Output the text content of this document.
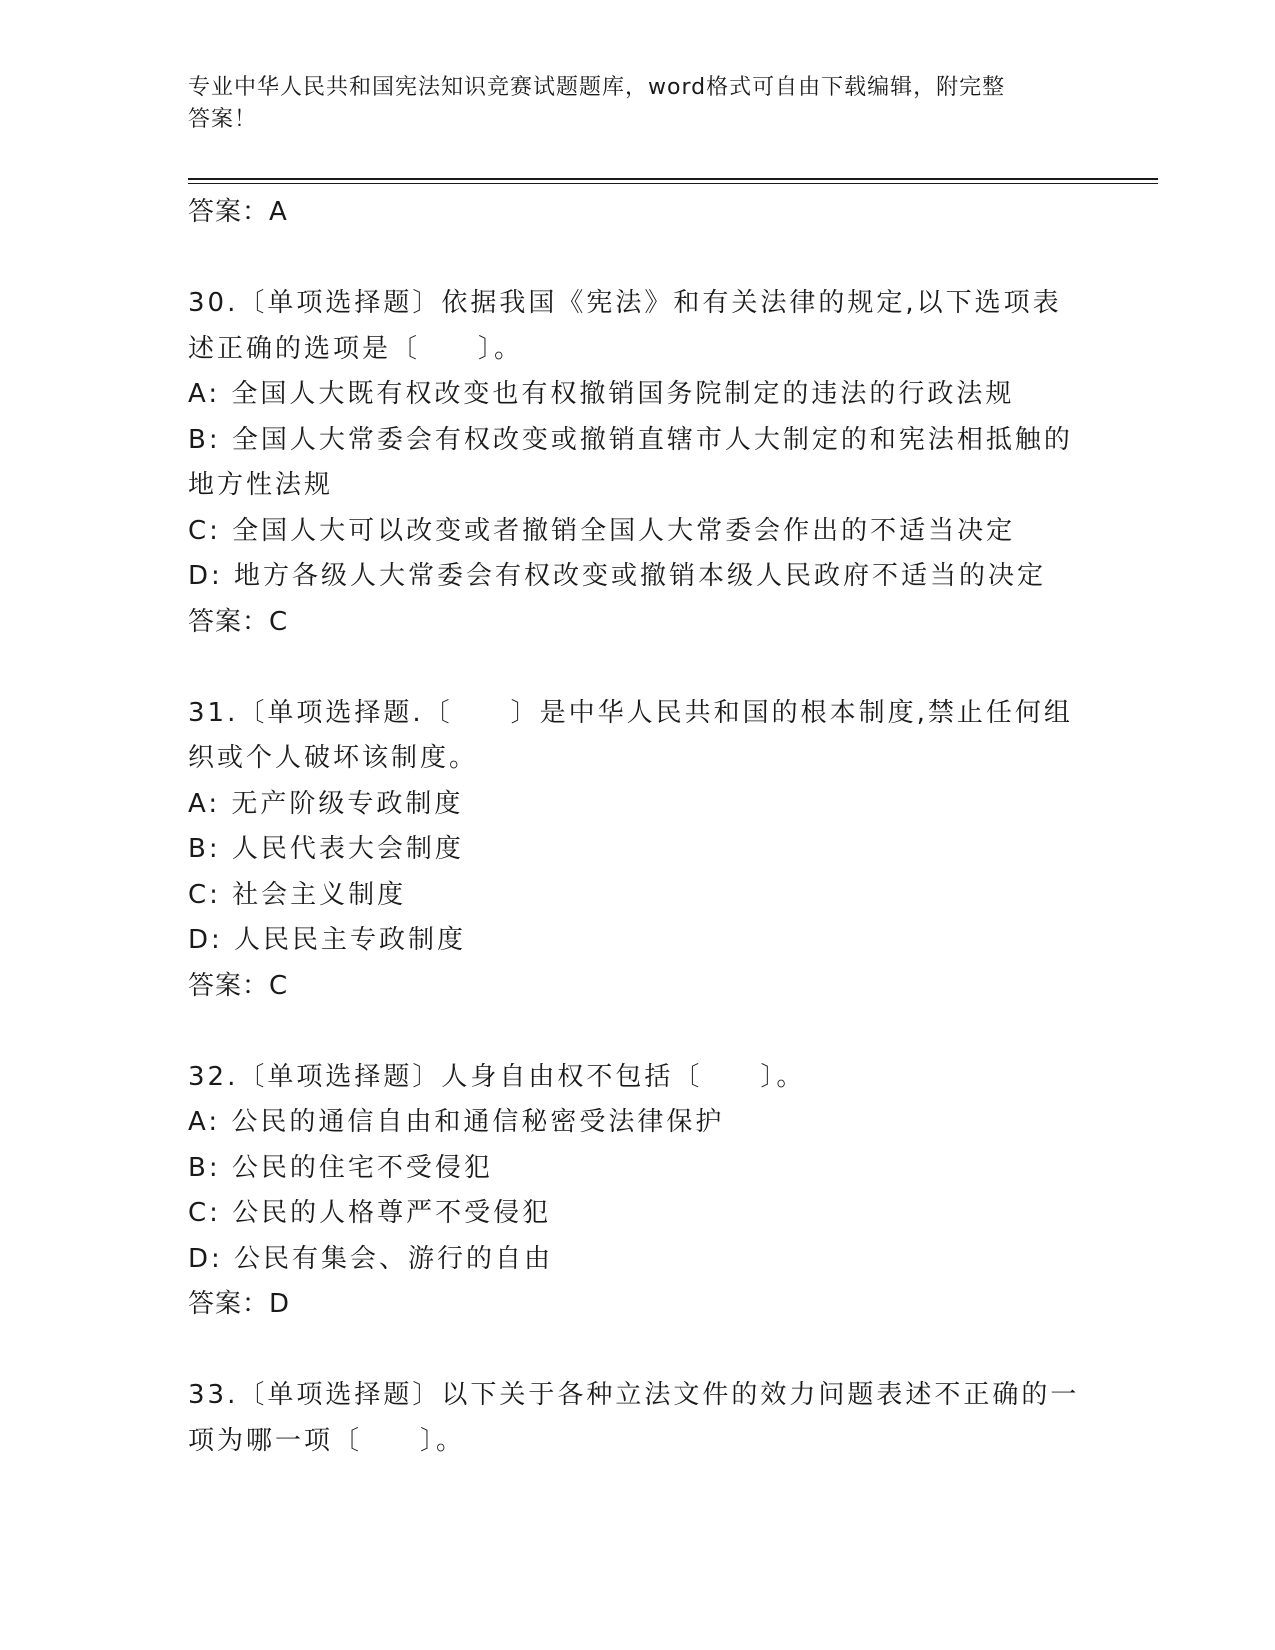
专业中华人民共和国宪法知识竞赛试题题库，word格式可自由下载编辑，附完整
答案！
答案：A
30.〔单项选择题〕依据我国《宪法》和有关法律的规定,以下选项表
述正确的选项是〔　　〕。
A: 全国人大既有权改变也有权撤销国务院制定的违法的行政法规
B: 全国人大常委会有权改变或撤销直辖市人大制定的和宪法相抵触的
地方性法规
C: 全国人大可以改变或者撤销全国人大常委会作出的不适当决定
D: 地方各级人大常委会有权改变或撤销本级人民政府不适当的决定
答案：C
31.〔单项选择题.〔　　〕是中华人民共和国的根本制度,禁止任何组
织或个人破坏该制度。
A: 无产阶级专政制度
B: 人民代表大会制度
C: 社会主义制度
D: 人民民主专政制度
答案：C
32.〔单项选择题〕人身自由权不包括〔　　〕。
A: 公民的通信自由和通信秘密受法律保护
B: 公民的住宅不受侵犯
C: 公民的人格尊严不受侵犯
D: 公民有集会、游行的自由
答案：D
33.〔单项选择题〕以下关于各种立法文件的效力问题表述不正确的一
项为哪一项〔　　〕。
